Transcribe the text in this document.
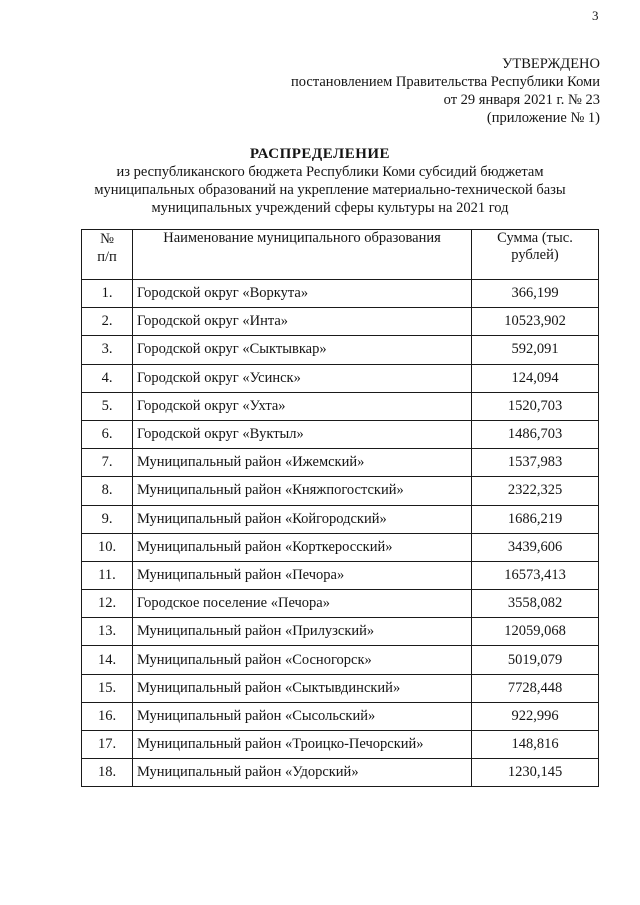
3
УТВЕРЖДЕНО
постановлением Правительства Республики Коми
от 29 января 2021 г. № 23
(приложение № 1)
РАСПРЕДЕЛЕНИЕ
из республиканского бюджета Республики Коми субсидий бюджетам
муниципальных образований на укрепление материально-технической базы
муниципальных учреждений сферы культуры на 2021 год
№
п/п	Наименование муниципального образования	Сумма (тыс. рублей)
1.	Городской округ «Воркута»	366,199
2.	Городской округ «Инта»	10523,902
3.	Городской округ «Сыктывкар»	592,091
4.	Городской округ «Усинск»	124,094
5.	Городской округ «Ухта»	1520,703
6.	Городской округ «Вуктыл»	1486,703
7.	Муниципальный район «Ижемский»	1537,983
8.	Муниципальный район «Княжпогостский»	2322,325
9.	Муниципальный район «Койгородский»	1686,219
10.	Муниципальный район «Корткеросский»	3439,606
11.	Муниципальный район «Печора»	16573,413
12.	Городское поселение «Печора»	3558,082
13.	Муниципальный район «Прилузский»	12059,068
14.	Муниципальный район «Сосногорск»	5019,079
15.	Муниципальный район «Сыктывдинский»	7728,448
16.	Муниципальный район «Сысольский»	922,996
17.	Муниципальный район «Троицко-Печорский»	148,816
18.	Муниципальный район «Удорский»	1230,145
